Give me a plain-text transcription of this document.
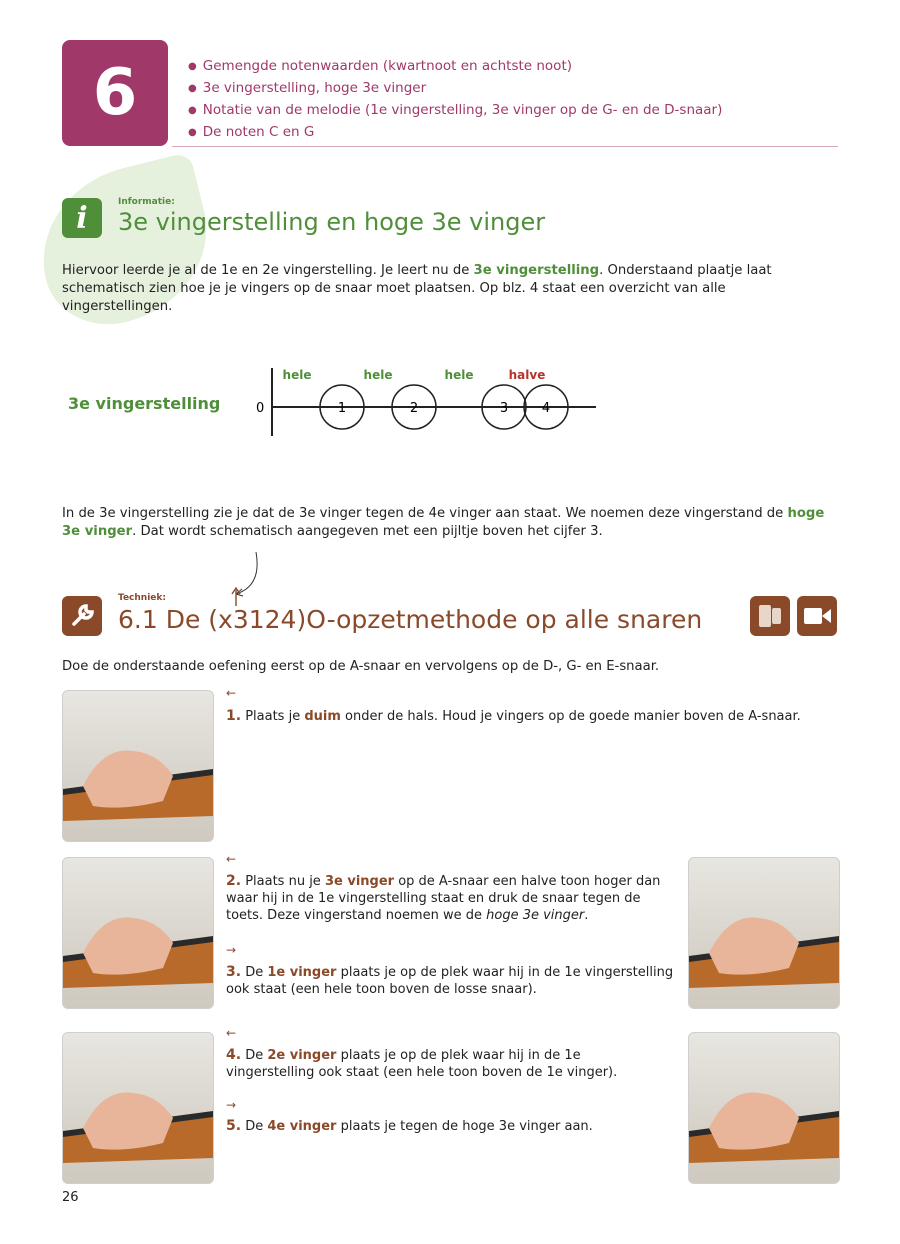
6
●	Gemengde notenwaarden (kwartnoot en achtste noot)
● 3e vingerstelling, hoge 3e vinger
● Notatie van de melodie (1e vingerstelling, 3e vinger op de G- en de D-snaar)
● De noten C en G
i	Informatie:
3e vingerstelling en hoge 3e vinger
Hiervoor leerde je al de 1e en 2e vingerstelling. Je leert nu de 3e vingerstelling. Onderstaand plaatje laat schematisch zien hoe je je vingers op de snaar moet plaatsen. Op blz. 4 staat een overzicht van alle vingerstellingen.
3e vingerstelling	0	1	2	3	4
hele	hele	hele	halve
In de 3e vingerstelling zie je dat de 3e vinger tegen de 4e vinger aan staat. We noemen deze vingerstand de hoge 3e vinger. Dat wordt schematisch aangegeven met een pijltje boven het cijfer 3.
Techniek:
6.1 De (x3124)O-opzetmethode op alle snaren
Doe de onderstaande oefening eerst op de A-snaar en vervolgens op de D-, G- en E-snaar.
←
1. Plaats je duim onder de hals. Houd je vingers op de goede manier boven de A-snaar.
←
2. Plaats nu je 3e vinger op de A-snaar een halve toon hoger dan waar hij in de 1e vingerstelling staat en druk de snaar tegen de toets. Deze vingerstand noemen we de hoge 3e vinger.
→
3. De 1e vinger plaats je op de plek waar hij in de 1e vingerstelling ook staat (een hele toon boven de losse snaar).
←
4. De 2e vinger plaats je op de plek waar hij in de 1e vingerstelling ook staat (een hele toon boven de 1e vinger).
→
5. De 4e vinger plaats je tegen de hoge 3e vinger aan.
26
